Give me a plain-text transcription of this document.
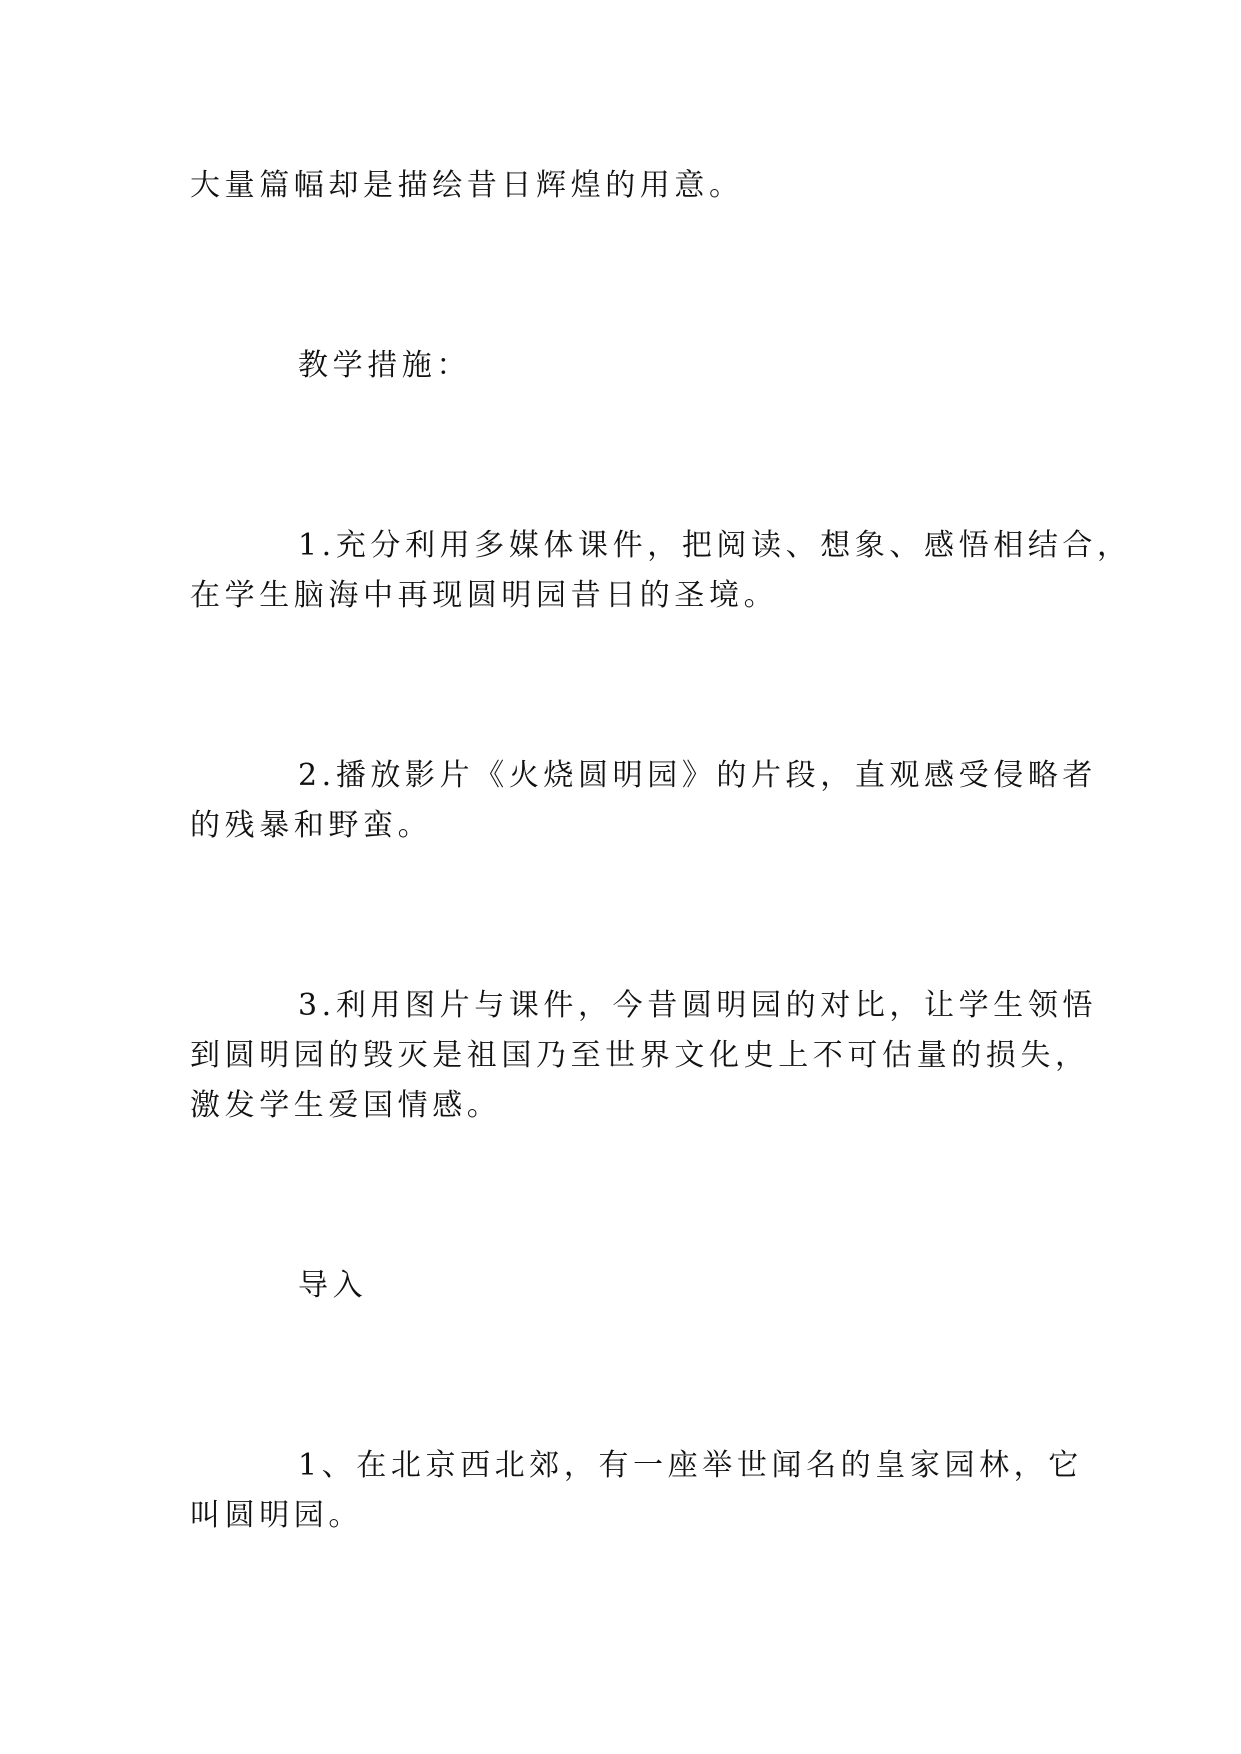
大量篇幅却是描绘昔日辉煌的用意。
教学措施：
1.充分利用多媒体课件，把阅读、想象、感悟相结合，
在学生脑海中再现圆明园昔日的圣境。
2.播放影片《火烧圆明园》的片段，直观感受侵略者
的残暴和野蛮。
3.利用图片与课件，今昔圆明园的对比，让学生领悟
到圆明园的毁灭是祖国乃至世界文化史上不可估量的损失，
激发学生爱国情感。
导入
1、在北京西北郊，有一座举世闻名的皇家园林，它
叫圆明园。
